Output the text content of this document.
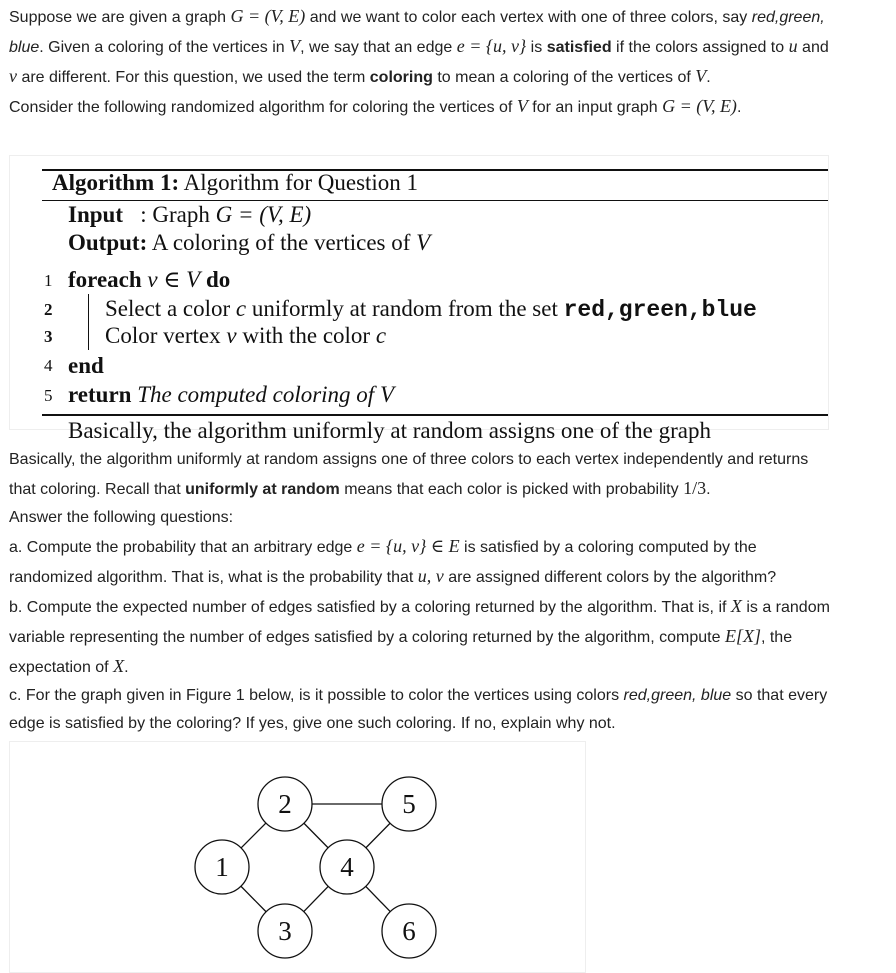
Suppose we are given a graph G = (V, E) and we want to color each vertex with one of three colors, say red,green, blue. Given a coloring of the vertices in V, we say that an edge e = {u, v} is satisfied if the colors assigned to u and v are different. For this question, we used the term coloring to mean a coloring of the vertices of V.
Consider the following randomized algorithm for coloring the vertices of V for an input graph G = (V, E).

Algorithm 1: Algorithm for Question 1
Input   : Graph G = (V, E)
Output: A coloring of the vertices of V
1 foreach v ∈ V do
2 Select a color c uniformly at random from the set red,green,blue
3 Color vertex v with the color c
4 end
5 return The computed coloring of V
Basically, the algorithm uniformly at random assigns one of the graph

Basically, the algorithm uniformly at random assigns one of three colors to each vertex independently and returns that coloring. Recall that uniformly at random means that each color is picked with probability 1/3.
Answer the following questions:
a. Compute the probability that an arbitrary edge e = {u, v} ∈ E is satisfied by a coloring computed by the randomized algorithm. That is, what is the probability that u, v are assigned different colors by the algorithm?
b. Compute the expected number of edges satisfied by a coloring returned by the algorithm. That is, if X is a random variable representing the number of edges satisfied by a coloring returned by the algorithm, compute E[X], the expectation of X.
c. For the graph given in Figure 1 below, is it possible to color the vertices using colors red,green, blue so that every edge is satisfied by the coloring? If yes, give one such coloring. If no, explain why not.

1
2
3
4
5
6
